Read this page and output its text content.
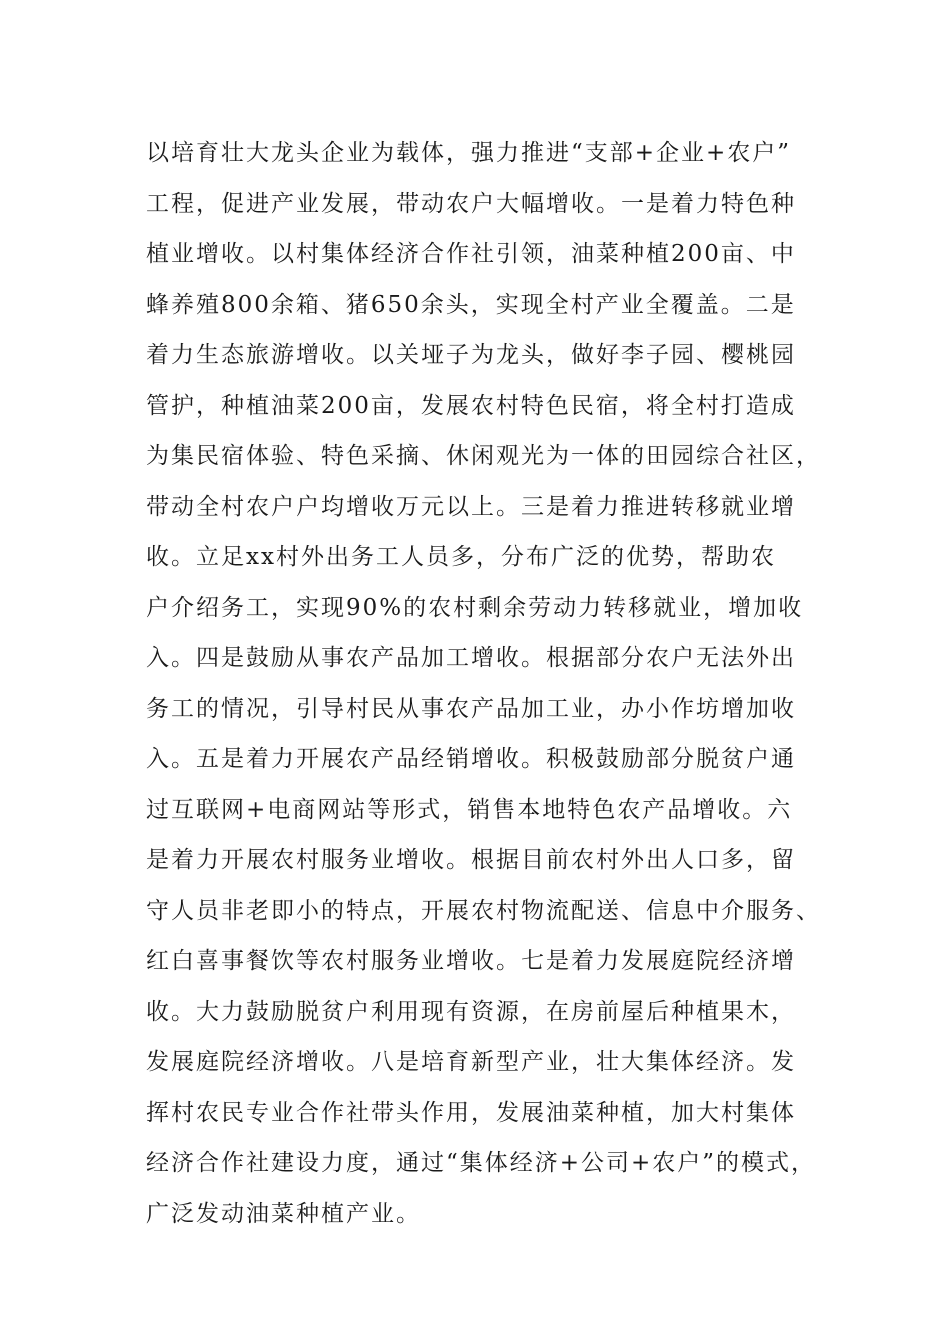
以培育壮大龙头企业为载体，强力推进“支部+企业+农户”
工程，促进产业发展，带动农户大幅增收。一是着力特色种
植业增收。以村集体经济合作社引领，油菜种植200亩、中
蜂养殖800余箱、猪650余头，实现全村产业全覆盖。二是
着力生态旅游增收。以关垭子为龙头，做好李子园、樱桃园
管护，种植油菜200亩，发展农村特色民宿，将全村打造成
为集民宿体验、特色采摘、休闲观光为一体的田园综合社区，
带动全村农户户均增收万元以上。三是着力推进转移就业增
收。立足xx村外出务工人员多，分布广泛的优势，帮助农
户介绍务工，实现90%的农村剩余劳动力转移就业，增加收
入。四是鼓励从事农产品加工增收。根据部分农户无法外出
务工的情况，引导村民从事农产品加工业，办小作坊增加收
入。五是着力开展农产品经销增收。积极鼓励部分脱贫户通
过互联网+电商网站等形式，销售本地特色农产品增收。六
是着力开展农村服务业增收。根据目前农村外出人口多，留
守人员非老即小的特点，开展农村物流配送、信息中介服务、
红白喜事餐饮等农村服务业增收。七是着力发展庭院经济增
收。大力鼓励脱贫户利用现有资源，在房前屋后种植果木，
发展庭院经济增收。八是培育新型产业，壮大集体经济。发
挥村农民专业合作社带头作用，发展油菜种植，加大村集体
经济合作社建设力度，通过“集体经济+公司+农户”的模式，
广泛发动油菜种植产业。
